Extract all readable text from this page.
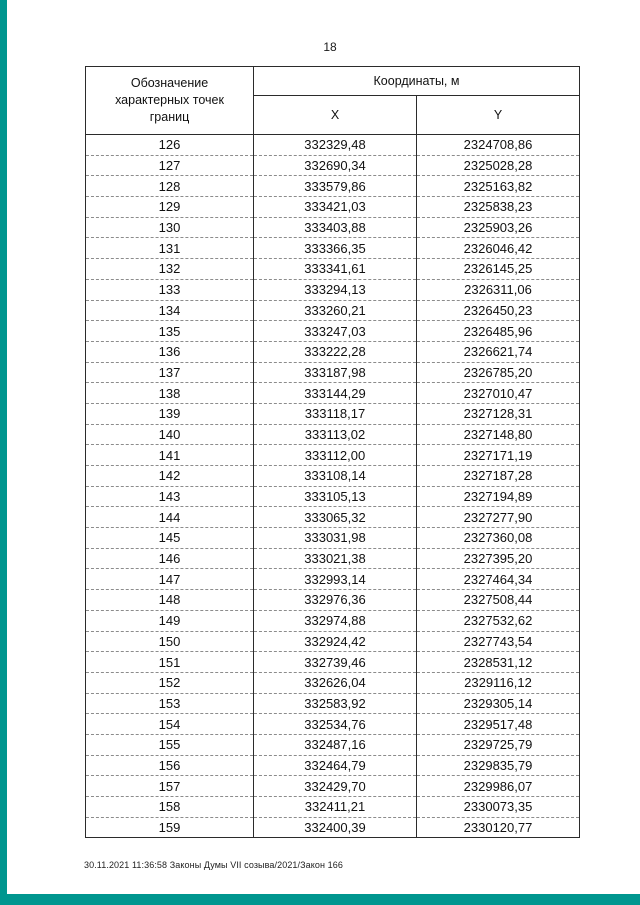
18
Обозначение характерных точек границ	Координаты, м	
	X	Y
126	332329,48	2324708,86
127	332690,34	2325028,28
128	333579,86	2325163,82
129	333421,03	2325838,23
130	333403,88	2325903,26
131	333366,35	2326046,42
132	333341,61	2326145,25
133	333294,13	2326311,06
134	333260,21	2326450,23
135	333247,03	2326485,96
136	333222,28	2326621,74
137	333187,98	2326785,20
138	333144,29	2327010,47
139	333118,17	2327128,31
140	333113,02	2327148,80
141	333112,00	2327171,19
142	333108,14	2327187,28
143	333105,13	2327194,89
144	333065,32	2327277,90
145	333031,98	2327360,08
146	333021,38	2327395,20
147	332993,14	2327464,34
148	332976,36	2327508,44
149	332974,88	2327532,62
150	332924,42	2327743,54
151	332739,46	2328531,12
152	332626,04	2329116,12
153	332583,92	2329305,14
154	332534,76	2329517,48
155	332487,16	2329725,79
156	332464,79	2329835,79
157	332429,70	2329986,07
158	332411,21	2330073,35
159	332400,39	2330120,77
30.11.2021 11:36:58 Законы Думы VII созыва/2021/Закон 166
